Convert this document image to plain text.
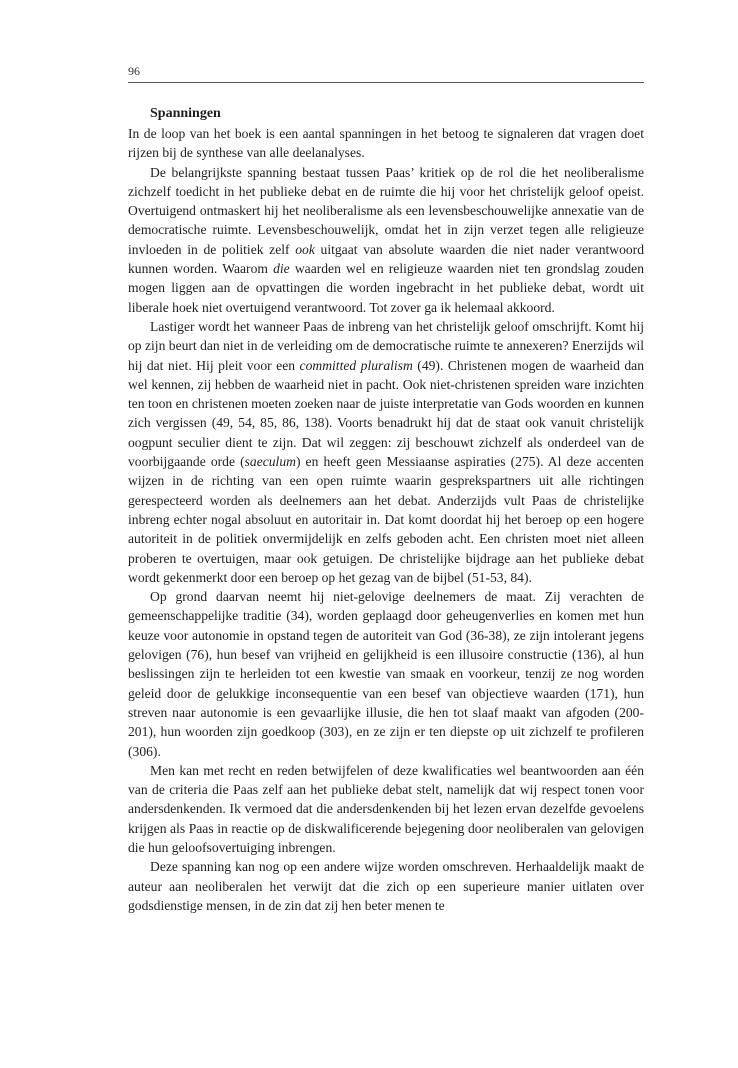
96
Spanningen

In de loop van het boek is een aantal spanningen in het betoog te signaleren dat vragen doet rijzen bij de synthese van alle deelanalyses.

De belangrijkste spanning bestaat tussen Paas’ kritiek op de rol die het neoliberalisme zichzelf toedicht in het publieke debat en de ruimte die hij voor het christelijk geloof opeist. Overtuigend ontmaskert hij het neoliberalisme als een levensbeschouwelijke annexatie van de democratische ruimte. Levensbeschouwelijk, omdat het in zijn verzet tegen alle religieuze invloeden in de politiek zelf ook uitgaat van absolute waarden die niet nader verantwoord kunnen worden. Waarom die waarden wel en religieuze waarden niet ten grondslag zouden mogen liggen aan de opvattingen die worden ingebracht in het publieke debat, wordt uit liberale hoek niet overtuigend verantwoord. Tot zover ga ik helemaal akkoord.

Lastiger wordt het wanneer Paas de inbreng van het christelijk geloof omschrijft. Komt hij op zijn beurt dan niet in de verleiding om de democratische ruimte te annexeren? Enerzijds wil hij dat niet. Hij pleit voor een committed pluralism (49). Christenen mogen de waarheid dan wel kennen, zij hebben de waarheid niet in pacht. Ook niet-christenen spreiden ware inzichten ten toon en christenen moeten zoeken naar de juiste interpretatie van Gods woorden en kunnen zich vergissen (49, 54, 85, 86, 138). Voorts benadrukt hij dat de staat ook vanuit christelijk oogpunt seculier dient te zijn. Dat wil zeggen: zij beschouwt zichzelf als onderdeel van de voorbijgaande orde (saeculum) en heeft geen Messiaanse aspiraties (275). Al deze accenten wijzen in de richting van een open ruimte waarin gesprekspartners uit alle richtingen gerespecteerd worden als deelnemers aan het debat. Anderzijds vult Paas de christelijke inbreng echter nogal absoluut en autoritair in. Dat komt doordat hij het beroep op een hogere autoriteit in de politiek onvermijdelijk en zelfs geboden acht. Een christen moet niet alleen proberen te overtuigen, maar ook getuigen. De christelijke bijdrage aan het publieke debat wordt gekenmerkt door een beroep op het gezag van de bijbel (51-53, 84).

Op grond daarvan neemt hij niet-gelovige deelnemers de maat. Zij verachten de gemeenschappelijke traditie (34), worden geplaagd door geheugenverlies en komen met hun keuze voor autonomie in opstand tegen de autoriteit van God (36-38), ze zijn intolerant jegens gelovigen (76), hun besef van vrijheid en gelijkheid is een illusoire constructie (136), al hun beslissingen zijn te herleiden tot een kwestie van smaak en voorkeur, tenzij ze nog worden geleid door de gelukkige inconsequentie van een besef van objectieve waarden (171), hun streven naar autonomie is een gevaarlijke illusie, die hen tot slaaf maakt van afgoden (200-201), hun woorden zijn goedkoop (303), en ze zijn er ten diepste op uit zichzelf te profileren (306).

Men kan met recht en reden betwijfelen of deze kwalificaties wel beantwoorden aan één van de criteria die Paas zelf aan het publieke debat stelt, namelijk dat wij respect tonen voor andersdenkenden. Ik vermoed dat die andersdenkenden bij het lezen ervan dezelfde gevoelens krijgen als Paas in reactie op de diskwalificerende bejegening door neoliberalen van gelovigen die hun geloofsovertuiging inbrengen.

Deze spanning kan nog op een andere wijze worden omschreven. Herhaaldelijk maakt de auteur aan neoliberalen het verwijt dat die zich op een superieure manier uitlaten over godsdienstige mensen, in de zin dat zij hen beter menen te
